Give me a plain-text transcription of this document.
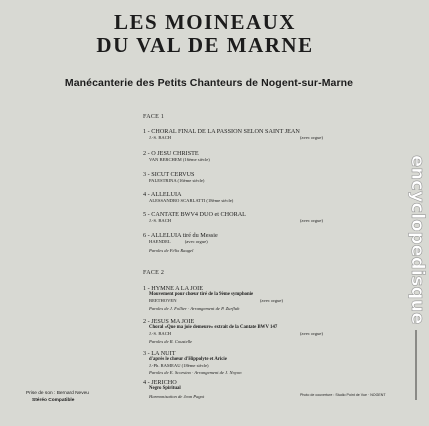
LES MOINEAUX
DU VAL DE MARNE
Manécanterie des Petits Chanteurs de Nogent-sur-Marne
FACE 1
1 - CHORAL FINAL DE LA PASSION SELON SAINT JEAN
J.-S. BACH	(avec orgue)
2 - O JESU CHRISTE
VAN BERCHEM (16ème siècle)
3 - SICUT CERVUS
PALESTRINA (16ème siècle)
4 - ALLELUIA
ALESSANDRO SCARLATTI (18ème siècle)
5 - CANTATE BWV4 DUO et CHORAL
J.-S. BACH	(avec orgue)
6 - ALLELUIA tiré du Messie
HAENDEL	(avec orgue)
Paroles de Félix Raugel
FACE 2
1 - HYMNE A LA JOIE
Mouvement pour chœur tiré de la 9ème symphonie
BEETHOVEN	(avec orgue)
Paroles de J. Follier · Arrangement de P. Zurfluh
2 - JESUS MA JOIE
Choral «Que ma joie demeure» extrait de la Cantate BWV 147
J.-S. BACH	(avec orgue)
Paroles de R. Coustelle
3 - LA NUIT
d'après le chœur d'Hippolyte et Aricie
J.-Ph. RAMEAU (18ème siècle)
Paroles de E. Scorsino · Arrangement de J. Noyon
4 - JERICHO
Negro Spiritual
Harmonisation de Jean Pagot
Prise de son : Bernard Neveu
Stéréo Compatible
Photo de couverture : Studio Point de Vue · NOGENT
encyclopedisque
